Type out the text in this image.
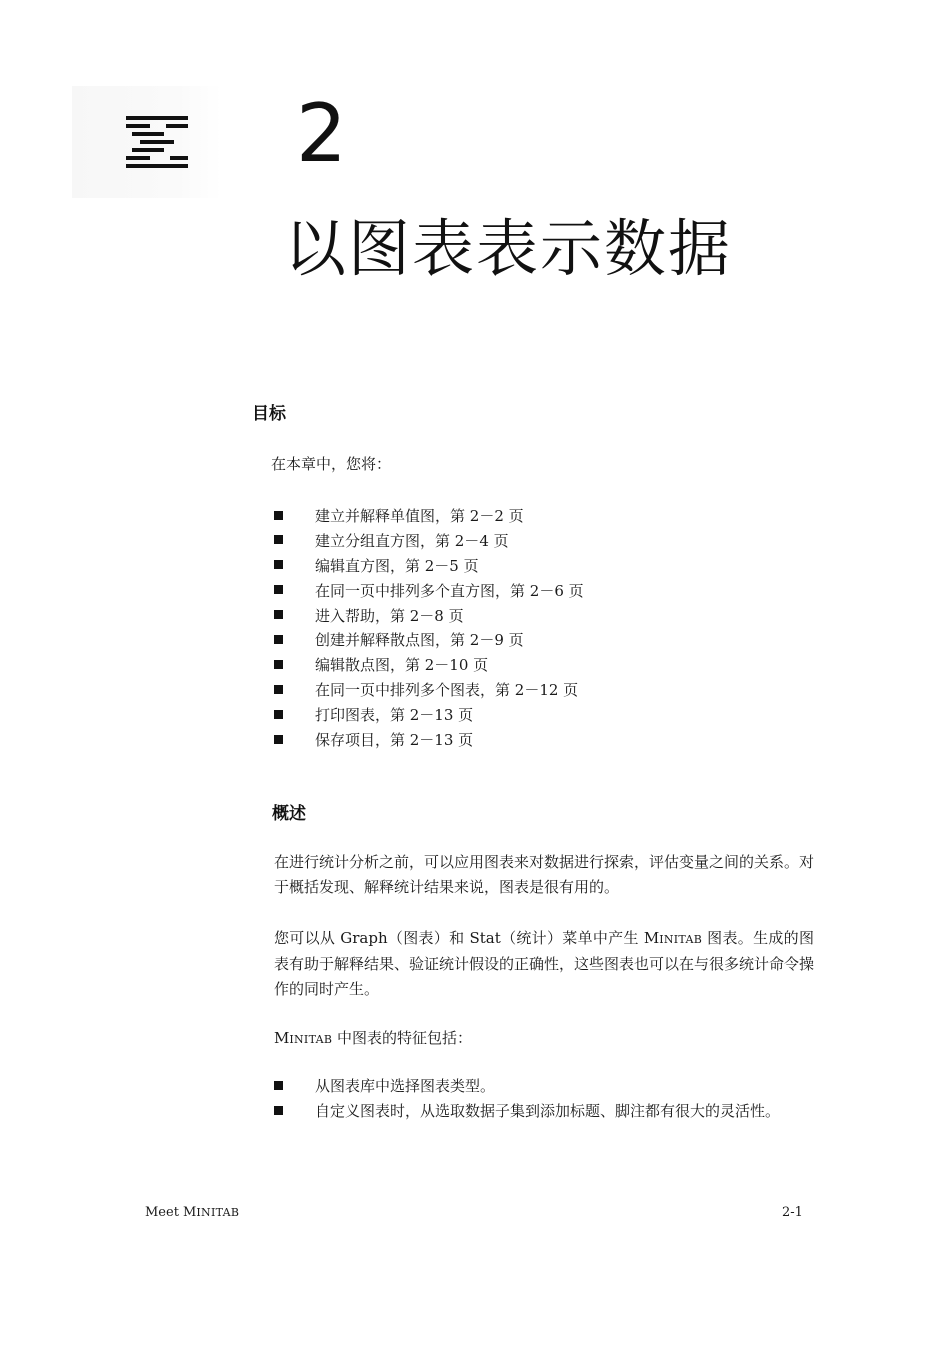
2
以图表表示数据
目标
在本章中，您将：
建立并解释单值图，第 2－2 页
建立分组直方图，第 2－4 页
编辑直方图，第 2－5 页
在同一页中排列多个直方图，第 2－6 页
进入帮助，第 2－8 页
创建并解释散点图，第 2－9 页
编辑散点图，第 2－10 页
在同一页中排列多个图表，第 2－12 页
打印图表，第 2－13 页
保存项目，第 2－13 页
概述

在进行统计分析之前，可以应用图表来对数据进行探索，评估变量之间的关系。对于概括发现、解释统计结果来说，图表是很有用的。

您可以从 Graph（图表）和 Stat（统计）菜单中产生 MINITAB 图表。生成的图表有助于解释结果、验证统计假设的正确性，这些图表也可以在与很多统计命令操作的同时产生。

MINITAB 中图表的特征包括：

从图表库中选择图表类型。
自定义图表时，从选取数据子集到添加标题、脚注都有很大的灵活性。
Meet MINITAB	2-1
